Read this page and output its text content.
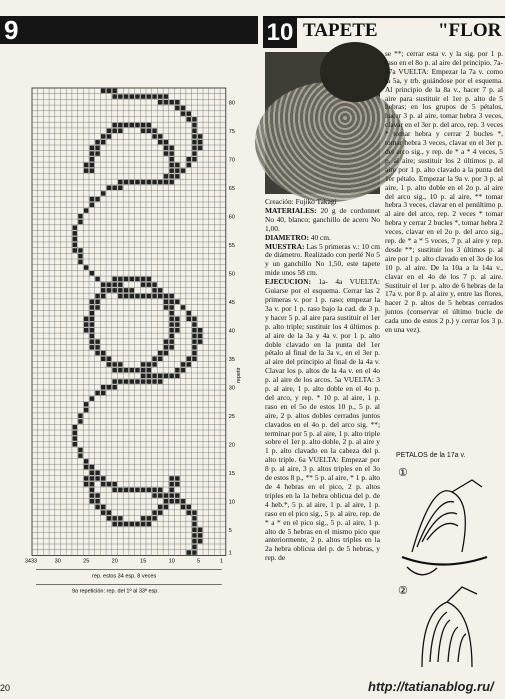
9	10 TAPETE	"FLOR
80
75
70
65
60
55
50
45
40
35
30
25
20
15
10
5
1
3433	30	25	20	15	10	5	1
repetir
rep. estos 34 esp. 8 veces
9a repetición: rep. del 1º al 33º esp.

Creación: Fujiko Takagi

MATERIALES: 20 g de cordonnet No 40, blanco; ganchillo de acero No 1,00.

DIAMETRO: 40 cm.

MUESTRA: Las 5 primeras v.: 10 cm de diámetro. Realizado con perlé No 5 y un ganchillo No 1,50, este tapete mide unos 58 cm.

EJECUCION: 1a- 4a VUELTA: Guiarse por el esquema. Cerrar las 2 primeras v. por 1 p. raso; empezar la 3a v. por 1 p. raso bajo la cad. de 3 p. y hacer 5 p. al aire para sustituir el 1er p. alto triple; sustituir los 4 últimos p. al aire de la 3a y 4a v. por 1 p. alto doble clavado en la punta del 1er pétalo al final de la 3a v., en el 3er p. al aire del principio al final de la 4a v. Clavar los p. altos de la 4a v. en el 4o p. al aire de los arcos. 5a VUELTA: 3 p. al aire, 1 p. alto doble en el 4o p. del arco, y rep. * 10 p. al aire, 1 p. raso en el 5o de estos 10 p., 5 p. al aire, 2 p. altos dobles cerrados juntos clavados en el 4o p. del arco sig. **; terminar por 5 p. al aire, 1 p. alto triple sobre el 1er p. alto doble, 2 p. al aire y 1 p. alto clavado en la cabeza del p. alto triple. 6a VUELTA: Empezar por 8 p. al aire, 3 p. altos triples en el 3o de estos 8 p., ** 5 p. al aire, * 1 p. alto de 4 hebras en el pico, 2 p. altos triples en la 1a hebra oblicua del p. de 4 heb.*, 5 p. al aire, 1 p. al aire, 1 p. raso en el pico sig., 5 p. al aire, rep. de * a * en el pico sig., 5 p. al aire, 1 p. alto de 5 hebras en el mismo pico que anteriormente, 2 p. altos triples en la 2a hebra oblicua del p. de 5 hebras, y rep. de

se **; cerrar esta v. y la sig. por 1 p. raso en el 8o p. al aire del principio. 7a- 17a VUELTA: Empezar la 7a v. como la 5a, y trb. guiándose por el esquema. Al principio de la 8a v., hacer 7 p. al aire para sustituir el 1er p. alto de 5 hebras; en los grupos de 5 pétalos, hacer 3 p. al aire, tomar hebra 3 veces, clavar en el 3er p. del arco, rep. 3 veces * tomar hebra y cerrar 2 bucles *, tomar hebra 3 veces, clavar en el 3er p. del arco sig., y rep. de * a * 4 veces, 5 p. al aire; sustituir los 2 últimos p. al aire por 1 p. alto clavado a la punta del 1er pétalo. Empezar la 9a v. por 3 p. al aire, 1 p. alto doble en el 2o p. al aire del arco sig., 10 p. al aire, ** tomar hebra 3 veces, clavar en el penúltimo p. al aire del arco, rep. 2 veces * tomar hebra y cerrar 2 bucles *, tomar hebra 2 veces, clavar en el 2o p. del arco sig., rep. de * a * 5 veces, 7 p. al aire y rep. desde **; sustituir los 3 últimos p. al aire por 1 p. alto clavado en el 3o de los 10 p. al aire. De la 10a a la 14a v., clavar en el 4o de los 7 p. al aire. Sustituir el 1er p. alto de 6 hebras de la 17a v. por 8 p. al aire y, entre las flores, hacer 2 p. altos de 5 hebras cerrados juntos (conservar el último bucle de cada uno de estos 2 p.) y cerrar los 3 p. en una vez).

PETALOS de la 17a v.
①
②
20	http://tatianablog.ru/
